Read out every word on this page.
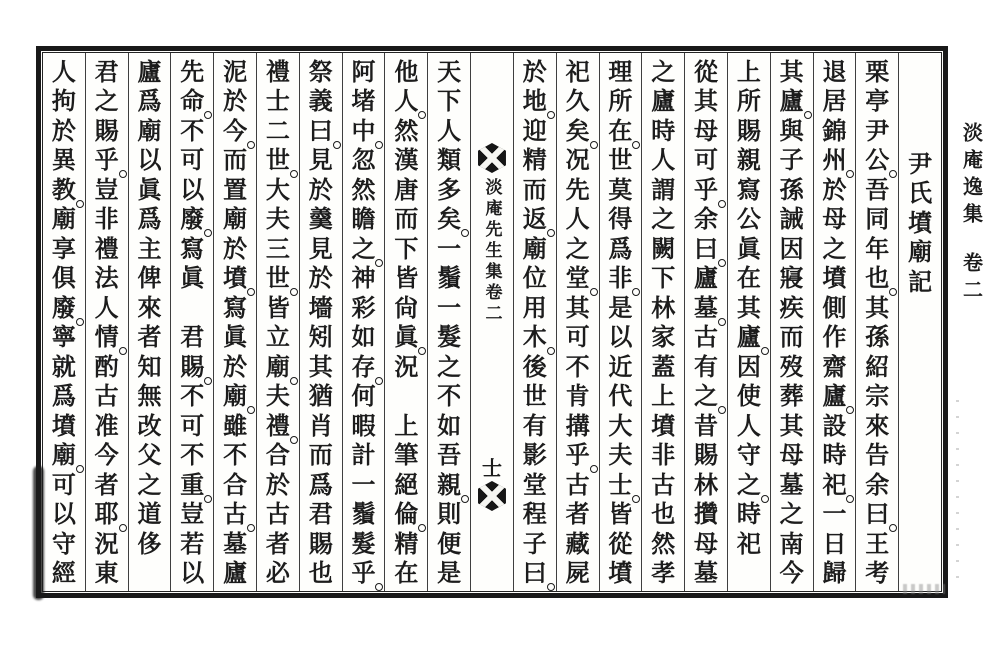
尹
氏
墳
廟
記
栗
亭
尹
公
吾
同
年
也
其
孫
紹
宗
來
告
余
曰
王
考
退
居
錦
州
於
母
之
墳
側
作
齋
廬
設
時
祀
一
日
歸
其
廬
與
子
孫
誡
因
寢
疾
而
歿
葬
其
母
墓
之
南
今
上
所
賜
親
寫
公
眞
在
其
廬
因
使
人
守
之
時
祀
從
其
母
可
乎
余
曰
廬
墓
古
有
之
昔
賜
林
攢
母
墓
之
廬
時
人
謂
之
闕
下
林
家
蓋
上
墳
非
古
也
然
孝
理
所
在
世
莫
得
爲
非
是
以
近
代
大
夫
士
皆
從
墳
祀
久
矣
况
先
人
之
堂
其
可
不
肯
搆
乎
古
者
藏
屍
於
地
迎
精
而
返
廟
位
用
木
後
世
有
影
堂
程
子
曰
淡庵先生集卷二
士
天
下
人
類
多
矣
一
鬚
一
髮
之
不
如
吾
親
則
便
是
他
人
然
漢
唐
而
下
皆
尙
眞
況
上
筆
絕
倫
精
在
阿
堵
中
忽
然
瞻
之
神
彩
如
存
何
暇
計
一
鬚
髮
乎
祭
義
曰
見
於
羹
見
於
墻
矧
其
猶
肖
而
爲
君
賜
也
禮
士
二
世
大
夫
三
世
皆
立
廟
夫
禮
合
於
古
者
必
泥
於
今
而
置
廟
於
墳
寫
眞
於
廟
雖
不
合
古
墓
廬
先
命
不
可
以
廢
寫
眞
君
賜
不
可
不
重
豈
若
以
廬
爲
廟
以
眞
爲
主
俾
來
者
知
無
改
父
之
道
侈
君
之
賜
乎
豈
非
禮
法
人
情
酌
古
准
今
者
耶
況
東
人
拘
於
異
教
廟
享
俱
廢
寧
就
爲
墳
廟
可
以
守
經
淡庵逸集
卷二
